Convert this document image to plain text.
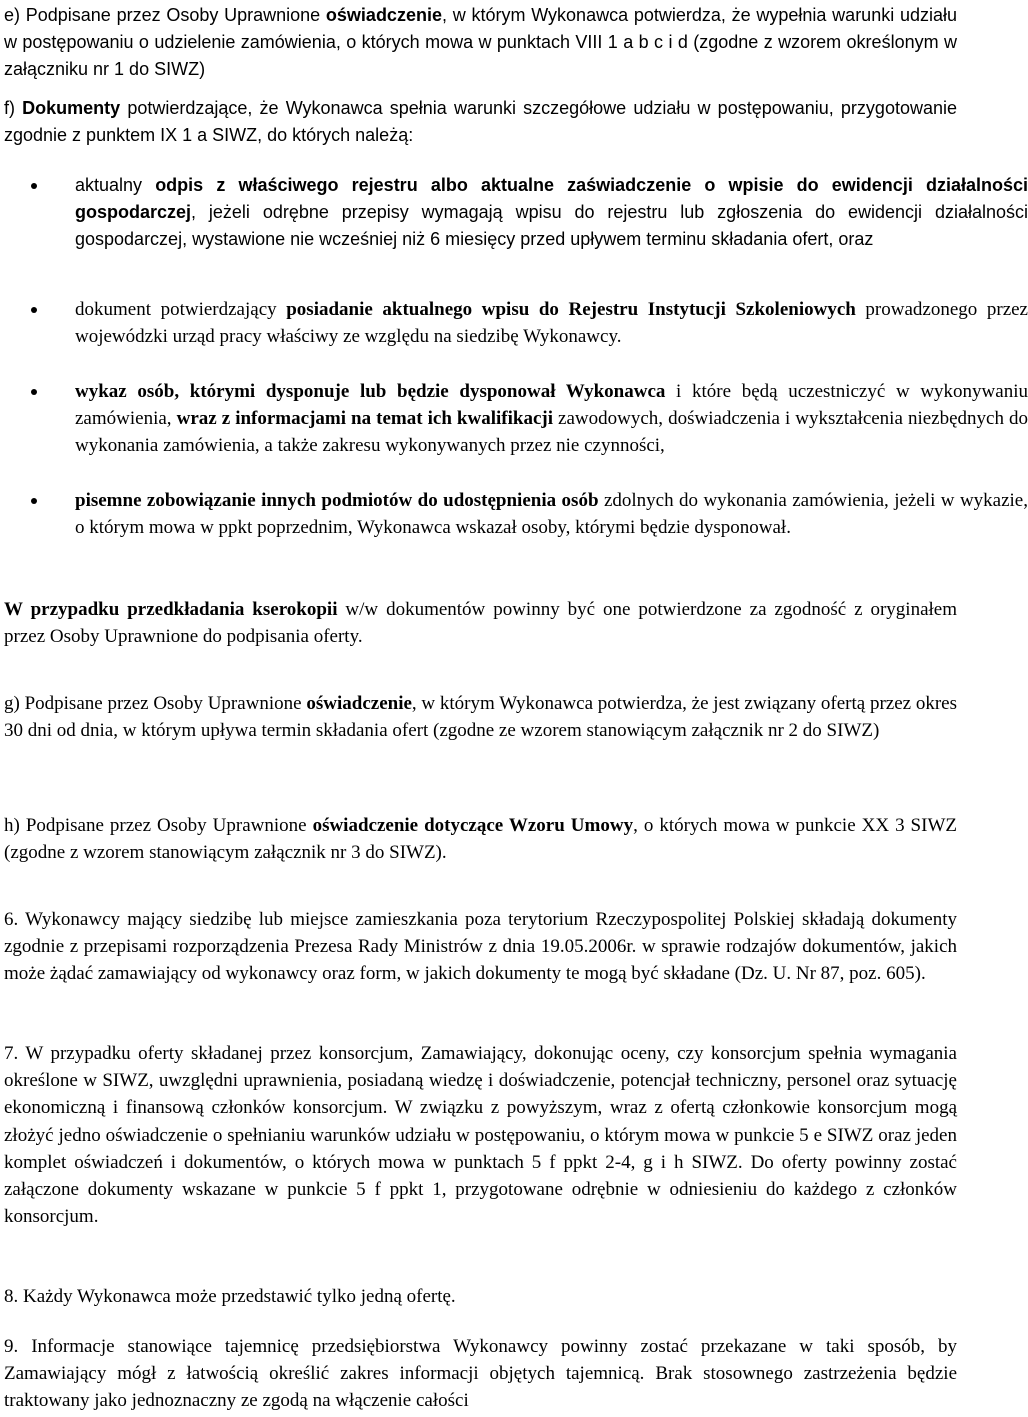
e) Podpisane przez Osoby Uprawnione oświadczenie, w którym Wykonawca potwierdza, że wypełnia warunki udziału w postępowaniu o udzielenie zamówienia, o których mowa w punktach VIII 1 a b c i d (zgodne z wzorem określonym w załączniku nr 1 do SIWZ)

f) Dokumenty potwierdzające, że Wykonawca spełnia warunki szczegółowe udziału w postępowaniu, przygotowanie zgodnie z punktem IX 1 a SIWZ, do których należą:

aktualny odpis z właściwego rejestru albo aktualne zaświadczenie o wpisie do ewidencji działalności gospodarczej, jeżeli odrębne przepisy wymagają wpisu do rejestru lub zgłoszenia do ewidencji działalności gospodarczej, wystawione nie wcześniej niż 6 miesięcy przed upływem terminu składania ofert, oraz

dokument potwierdzający posiadanie aktualnego wpisu do Rejestru Instytucji Szkoleniowych prowadzonego przez wojewódzki urząd pracy właściwy ze względu na siedzibę Wykonawcy.

wykaz osób, którymi dysponuje lub będzie dysponował Wykonawca i które będą uczestniczyć w wykonywaniu zamówienia, wraz z informacjami na temat ich kwalifikacji zawodowych, doświadczenia i wykształcenia niezbędnych do wykonania zamówienia, a także zakresu wykonywanych przez nie czynności,

pisemne zobowiązanie innych podmiotów do udostępnienia osób zdolnych do wykonania zamówienia, jeżeli w wykazie, o którym mowa w ppkt poprzednim, Wykonawca wskazał osoby, którymi będzie dysponował.

W przypadku przedkładania kserokopii w/w dokumentów powinny być one potwierdzone za zgodność z oryginałem przez Osoby Uprawnione do podpisania oferty.

g) Podpisane przez Osoby Uprawnione oświadczenie, w którym Wykonawca potwierdza, że jest związany ofertą przez okres 30 dni od dnia, w którym upływa termin składania ofert (zgodne ze wzorem stanowiącym załącznik nr 2 do SIWZ)

h) Podpisane przez Osoby Uprawnione oświadczenie dotyczące Wzoru Umowy, o których mowa w punkcie XX 3 SIWZ (zgodne z wzorem stanowiącym załącznik nr 3 do SIWZ).

6. Wykonawcy mający siedzibę lub miejsce zamieszkania poza terytorium Rzeczypospolitej Polskiej składają dokumenty zgodnie z przepisami rozporządzenia Prezesa Rady Ministrów z dnia 19.05.2006r. w sprawie rodzajów dokumentów, jakich może żądać zamawiający od wykonawcy oraz form, w jakich dokumenty te mogą być składane (Dz. U. Nr 87, poz. 605).

7. W przypadku oferty składanej przez konsorcjum, Zamawiający, dokonując oceny, czy konsorcjum spełnia wymagania określone w SIWZ, uwzględni uprawnienia, posiadaną wiedzę i doświadczenie, potencjał techniczny, personel oraz sytuację ekonomiczną i finansową członków konsorcjum. W związku z powyższym, wraz z ofertą członkowie konsorcjum mogą złożyć jedno oświadczenie o spełnianiu warunków udziału w postępowaniu, o którym mowa w punkcie 5 e SIWZ oraz jeden komplet oświadczeń i dokumentów, o których mowa w punktach 5 f ppkt 2-4, g i h SIWZ. Do oferty powinny zostać załączone dokumenty wskazane w punkcie 5 f ppkt 1, przygotowane odrębnie w odniesieniu do każdego z członków konsorcjum.

8. Każdy Wykonawca może przedstawić tylko jedną ofertę.

9. Informacje stanowiące tajemnicę przedsiębiorstwa Wykonawcy powinny zostać przekazane w taki sposób, by Zamawiający mógł z łatwością określić zakres informacji objętych tajemnicą. Brak stosownego zastrzeżenia będzie traktowany jako jednoznaczny ze zgodą na włączenie całości
